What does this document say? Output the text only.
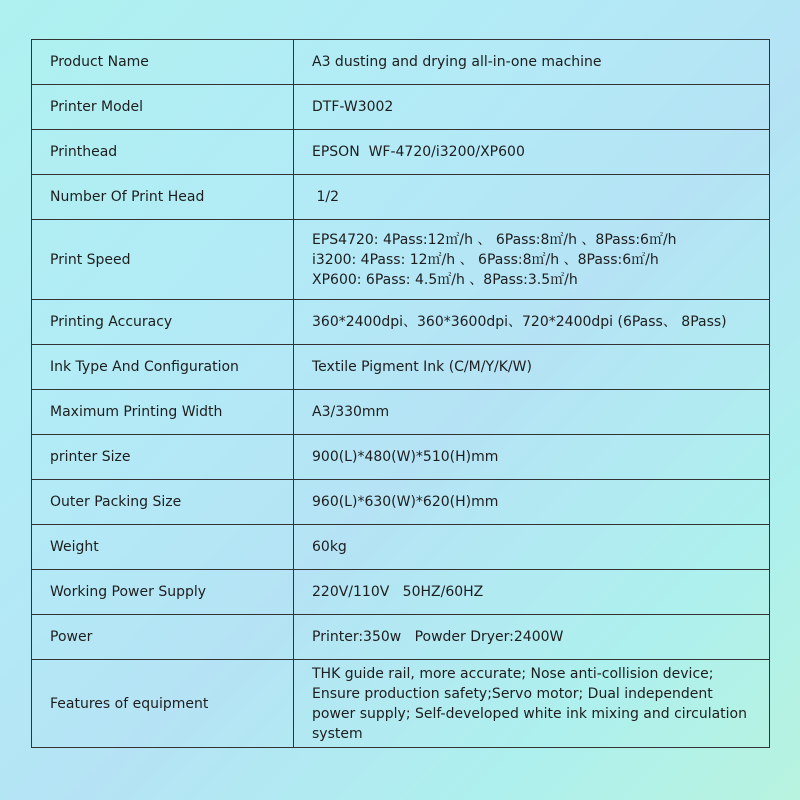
Product Name	A3 dusting and drying all-in-one machine
Printer Model	DTF-W3002
Printhead	EPSON  WF-4720/i3200/XP600
Number Of Print Head	1/2
Print Speed	EPS4720: 4Pass:12㎡/h 、 6Pass:8㎡/h 、8Pass:6㎡/h
i3200: 4Pass: 12㎡/h 、 6Pass:8㎡/h 、8Pass:6㎡/h
XP600: 6Pass: 4.5㎡/h 、8Pass:3.5㎡/h

Printing Accuracy	360*2400dpi、360*3600dpi、720*2400dpi (6Pass、 8Pass)
Ink Type And Configuration	Textile Pigment Ink (C/M/Y/K/W)
Maximum Printing Width	A3/330mm
printer Size	900(L)*480(W)*510(H)mm
Outer Packing Size	960(L)*630(W)*620(H)mm
Weight	60kg
Working Power Supply	220V/110V   50HZ/60HZ
Power	Printer:350w   Powder Dryer:2400W
Features of equipment	THK guide rail, more accurate; Nose anti-collision device; Ensure production safety;Servo motor; Dual independent power supply; Self-developed white ink mixing and circulation system
